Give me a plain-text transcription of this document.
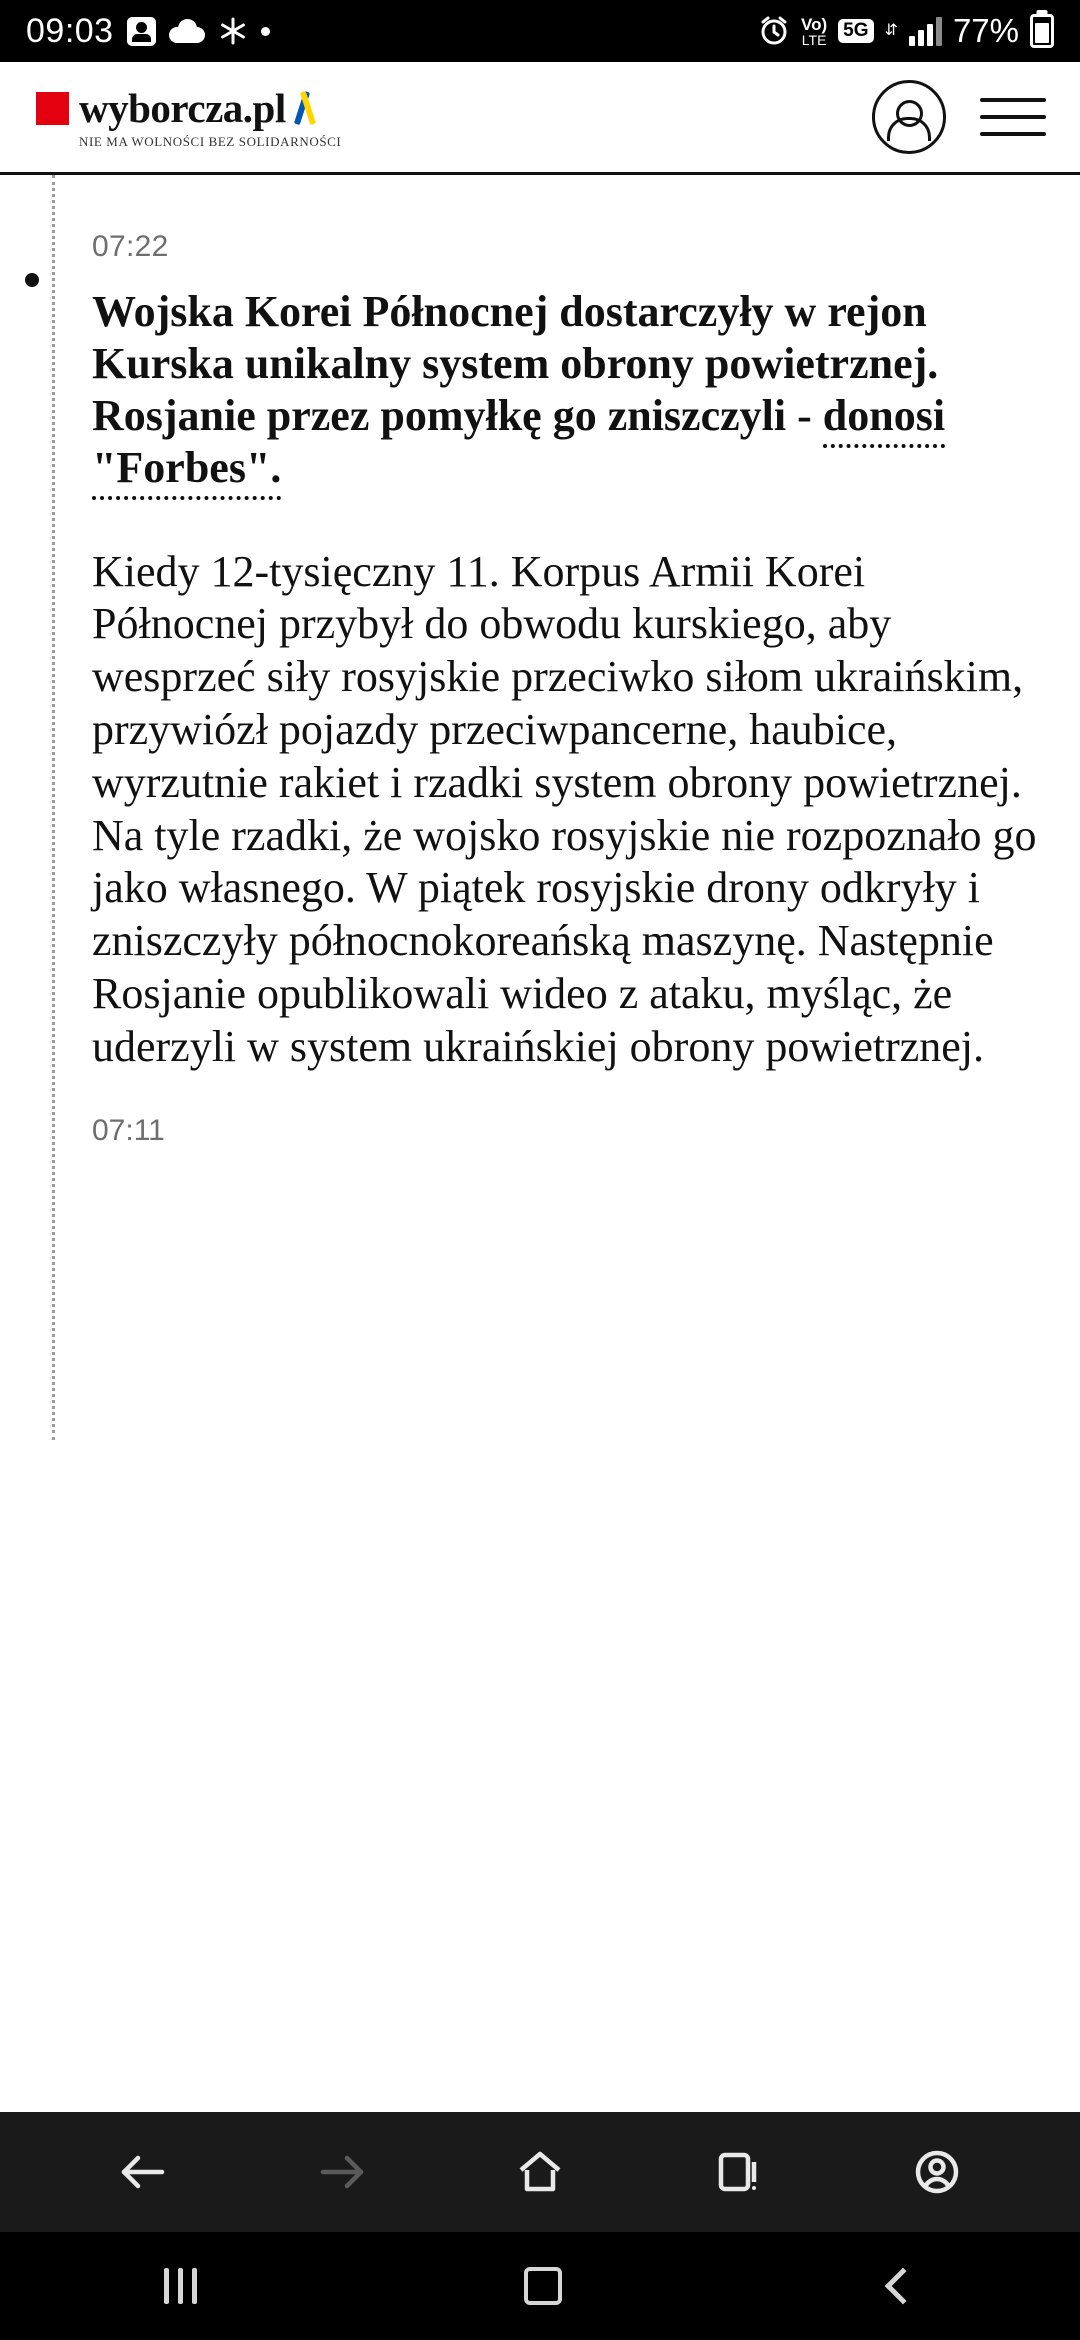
09:03	Vo)
LTE 5G	⇵ 77%
wyborcza.pl
NIE MA WOLNOŚCI BEZ SOLIDARNOŚCI
07:22
Wojska Korei Północnej dostarczyły w rejon Kurska unikalny system obrony powietrznej. Rosjanie przez pomyłkę go zniszczyli - donosi "Forbes".
Kiedy 12-tysięczny 11. Korpus Armii Korei Północnej przybył do obwodu kurskiego, aby wesprzeć siły rosyjskie przeciwko siłom ukraińskim, przywiózł pojazdy przeciwpancerne, haubice, wyrzutnie rakiet i rzadki system obrony powietrznej. Na tyle rzadki, że wojsko rosyjskie nie rozpoznało go jako własnego. W piątek rosyjskie drony odkryły i zniszczyły północnokoreańską maszynę. Następnie Rosjanie opublikowali wideo z ataku, myśląc, że uderzyli w system ukraińskiej obrony powietrznej.
07:11
